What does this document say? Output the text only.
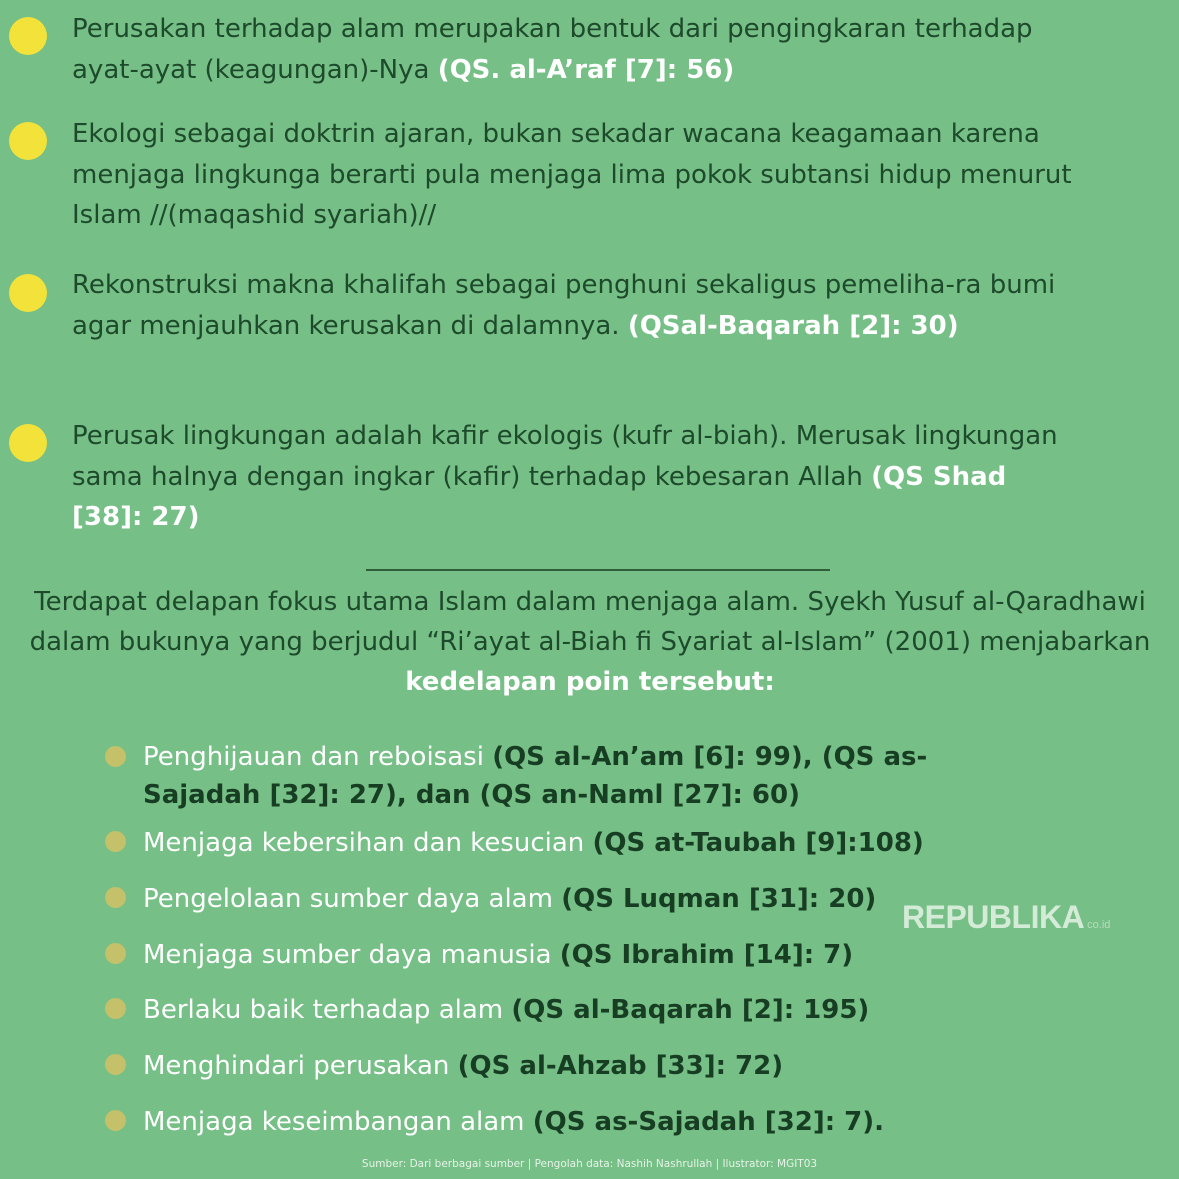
Perusakan terhadap alam merupakan bentuk dari pengingkaran terhadap ayat-ayat (keagungan)-Nya (QS. al-A’raf [7]: 56)

Ekologi sebagai doktrin ajaran, bukan sekadar wacana keagamaan karena menjaga lingkunga berarti pula menjaga lima pokok subtansi hidup menurut Islam //(maqashid syariah)//

Rekonstruksi makna khalifah sebagai penghuni sekaligus pemeliha-ra bumi agar menjauhkan kerusakan di dalamnya. (QSal-Baqarah [2]: 30)

Perusak lingkungan adalah kafir ekologis (kufr al-biah). Merusak lingkungan sama halnya dengan ingkar (kafir) terhadap kebesaran Allah (QS Shad [38]: 27)

Terdapat delapan fokus utama Islam dalam menjaga alam. Syekh Yusuf al-Qaradhawi dalam bukunya yang berjudul “Ri’ayat al-Biah fi Syariat al-Islam” (2001) menjabarkan kedelapan poin tersebut:

Penghijauan dan reboisasi (QS al-An’am [6]: 99), (QS as-Sajadah [32]: 27), dan (QS an-Naml [27]: 60)

Menjaga kebersihan dan kesucian (QS at-Taubah [9]:108)

Pengelolaan sumber daya alam (QS Luqman [31]: 20)

Menjaga sumber daya manusia (QS Ibrahim [14]: 7)

Berlaku baik terhadap alam (QS al-Baqarah [2]: 195)

Menghindari perusakan (QS al-Ahzab [33]: 72)

Menjaga keseimbangan alam (QS as-Sajadah [32]: 7).

REPUBLIKA co.id
Sumber: Dari berbagai sumber | Pengolah data: Nashih Nashrullah | Ilustrator: MGIT03
